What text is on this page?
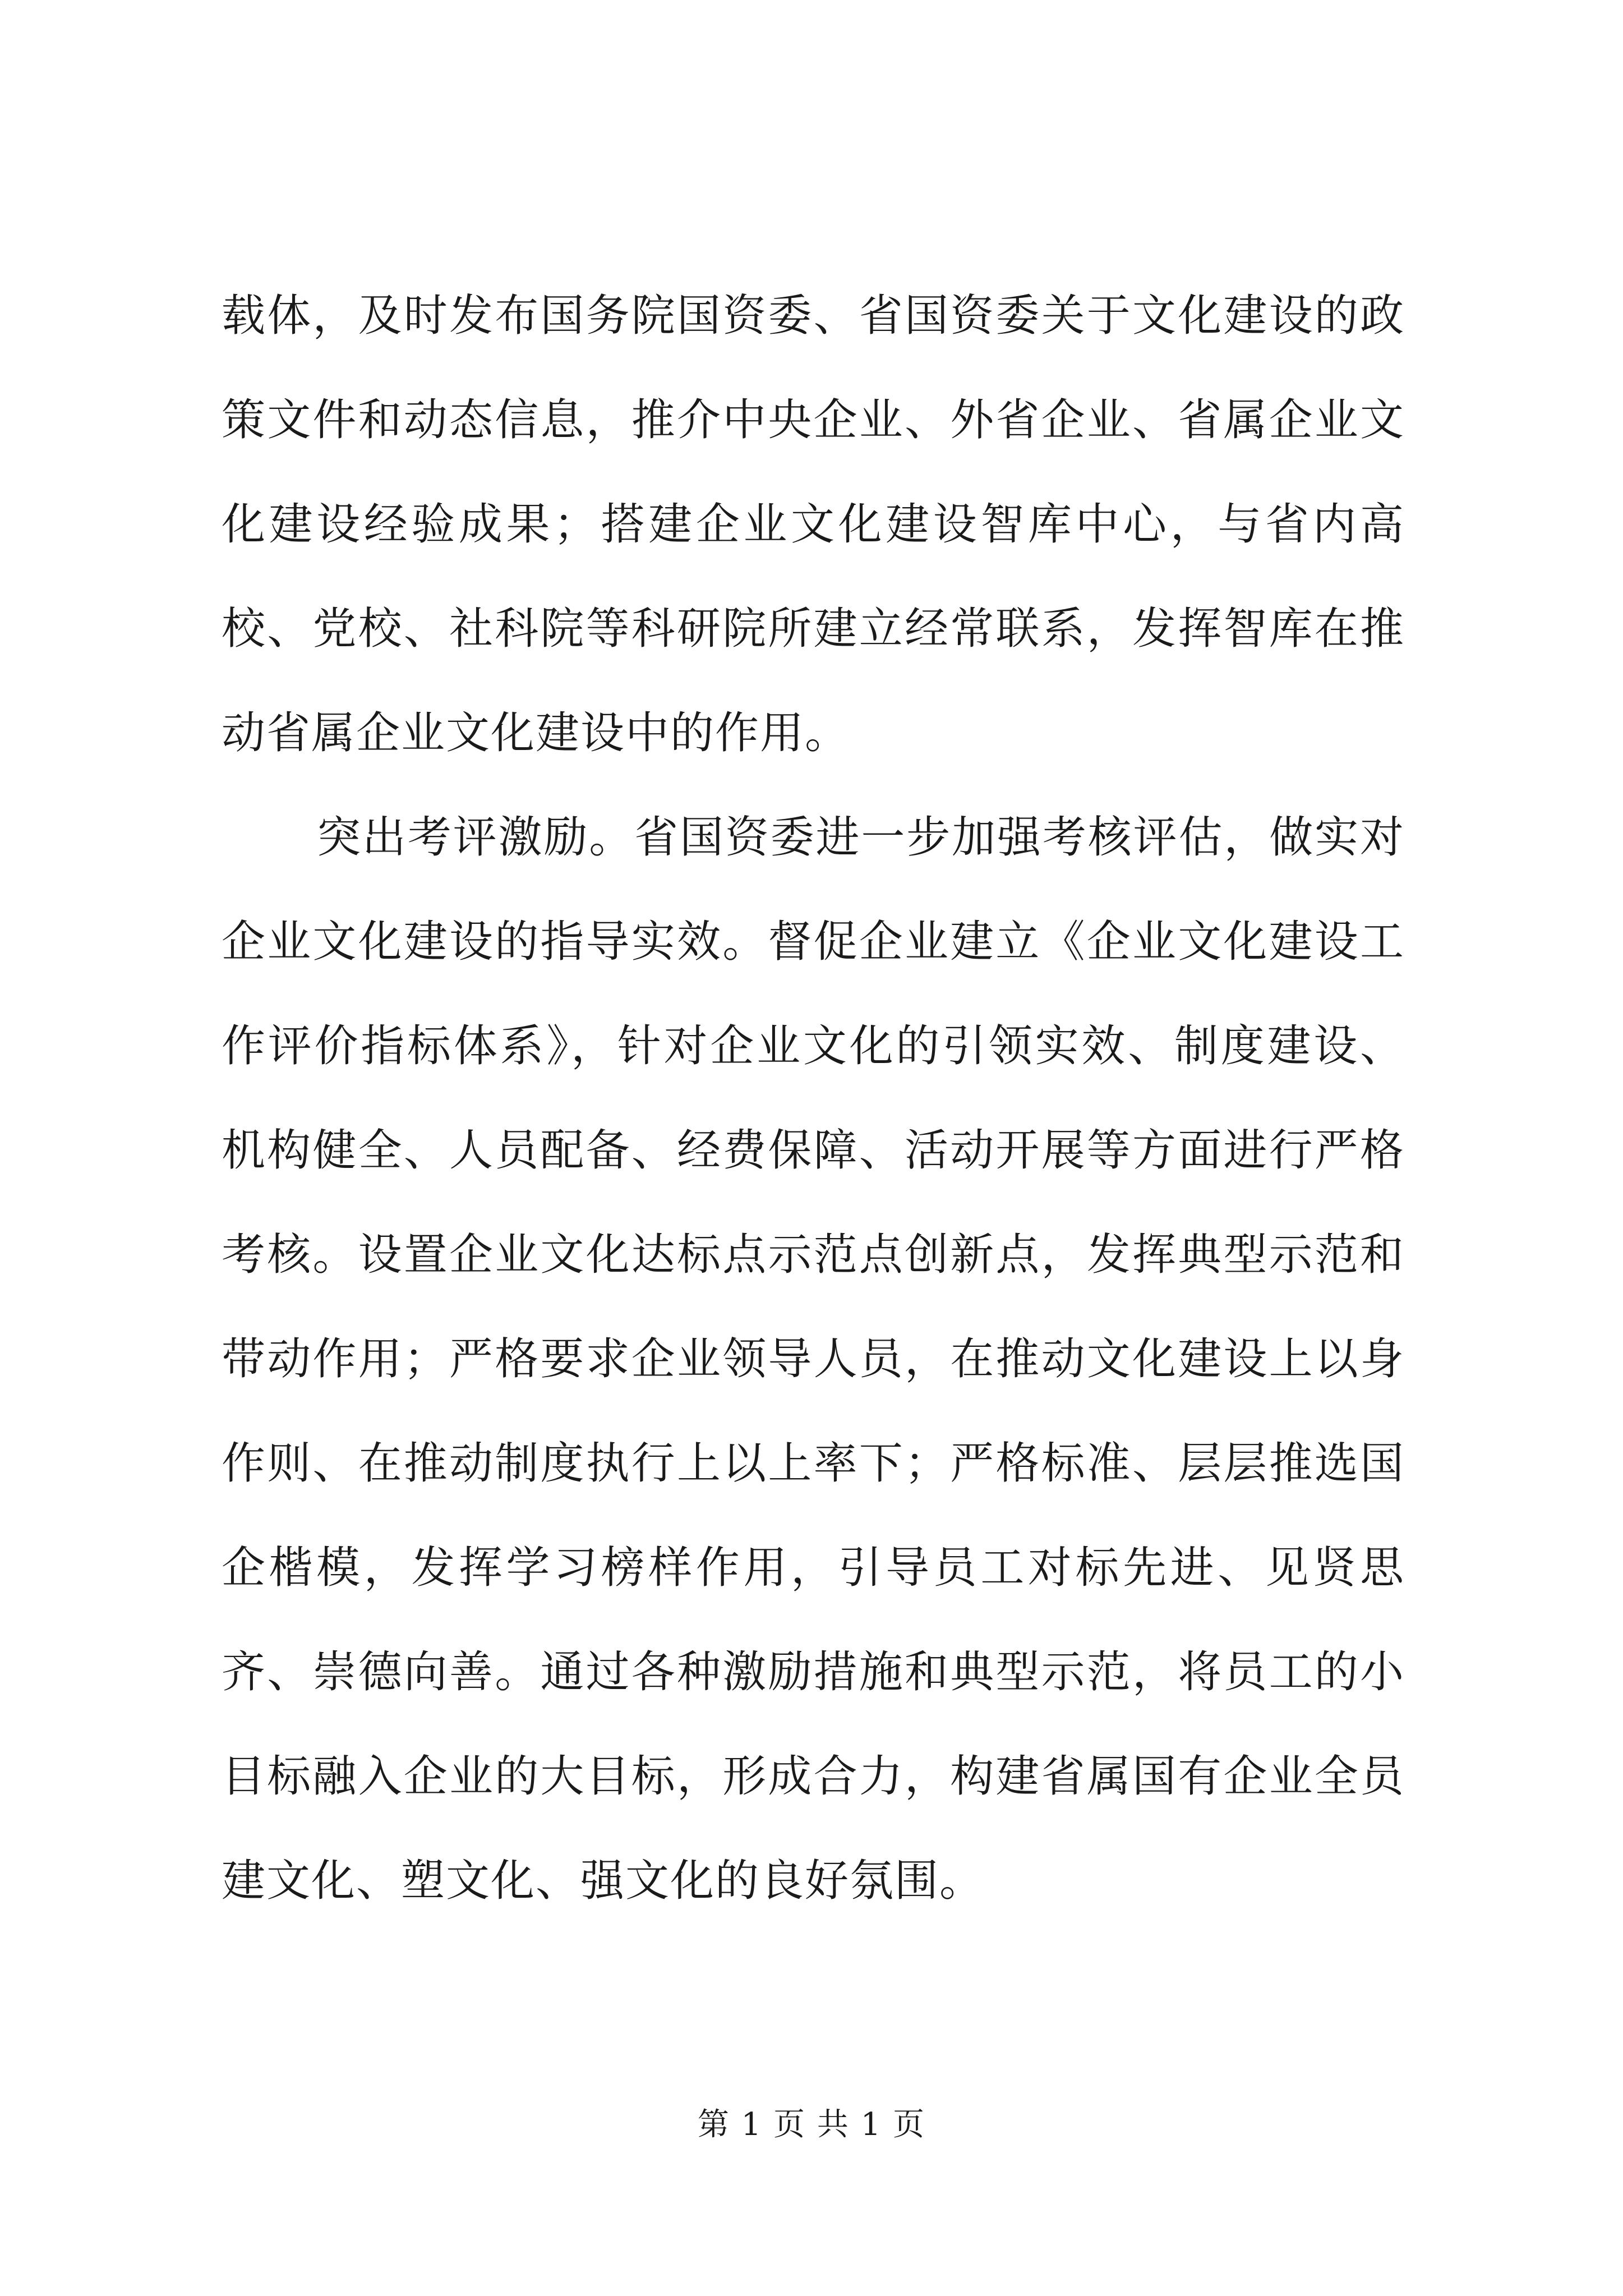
载体，及时发布国务院国资委、省国资委关于文化建设的政策文件和动态信息，推介中央企业、外省企业、省属企业文化建设经验成果；搭建企业文化建设智库中心，与省内高校、党校、社科院等科研院所建立经常联系，发挥智库在推动省属企业文化建设中的作用。

突出考评激励。省国资委进一步加强考核评估，做实对企业文化建设的指导实效。督促企业建立《企业文化建设工作评价指标体系》，针对企业文化的引领实效、制度建设、机构健全、人员配备、经费保障、活动开展等方面进行严格考核。设置企业文化达标点示范点创新点，发挥典型示范和带动作用；严格要求企业领导人员，在推动文化建设上以身作则、在推动制度执行上以上率下；严格标准、层层推选国企楷模，发挥学习榜样作用，引导员工对标先进、见贤思齐、崇德向善。通过各种激励措施和典型示范，将员工的小目标融入企业的大目标，形成合力，构建省属国有企业全员建文化、塑文化、强文化的良好氛围。

第 1 页 共 1 页
